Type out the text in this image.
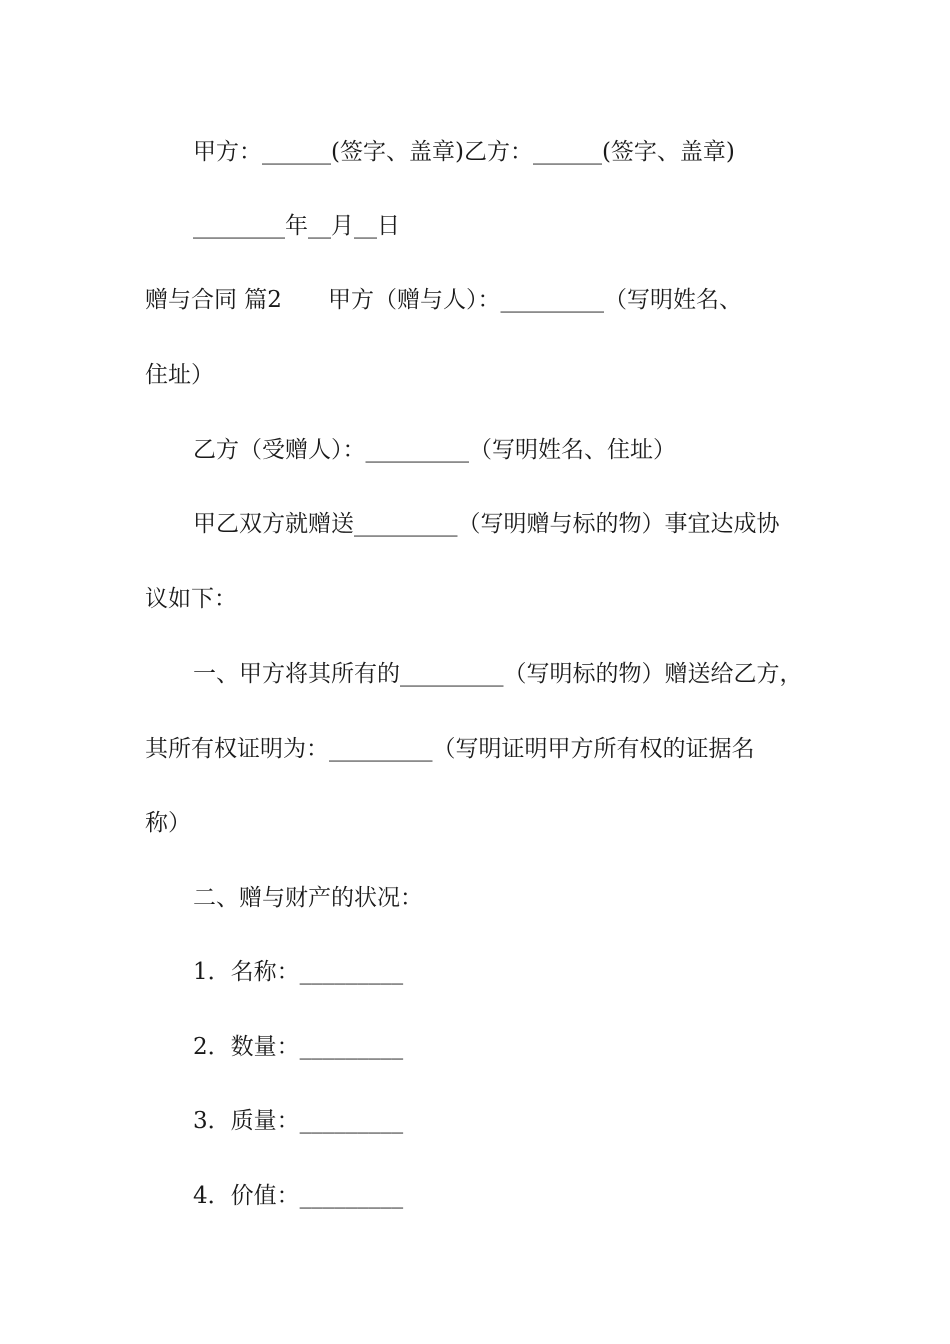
甲方：______(签字、盖章)乙方：______(签字、盖章)
________年__月__日
赠与合同 篇2　　甲方（赠与人）：_________（写明姓名、
住址）
乙方（受赠人）：_________（写明姓名、住址）
甲乙双方就赠送_________（写明赠与标的物）事宜达成协
议如下：
一、甲方将其所有的_________（写明标的物）赠送给乙方，
其所有权证明为：_________（写明证明甲方所有权的证据名
称）
二、赠与财产的状况：
1．名称：_________
2．数量：_________
3．质量：_________
4．价值：_________
